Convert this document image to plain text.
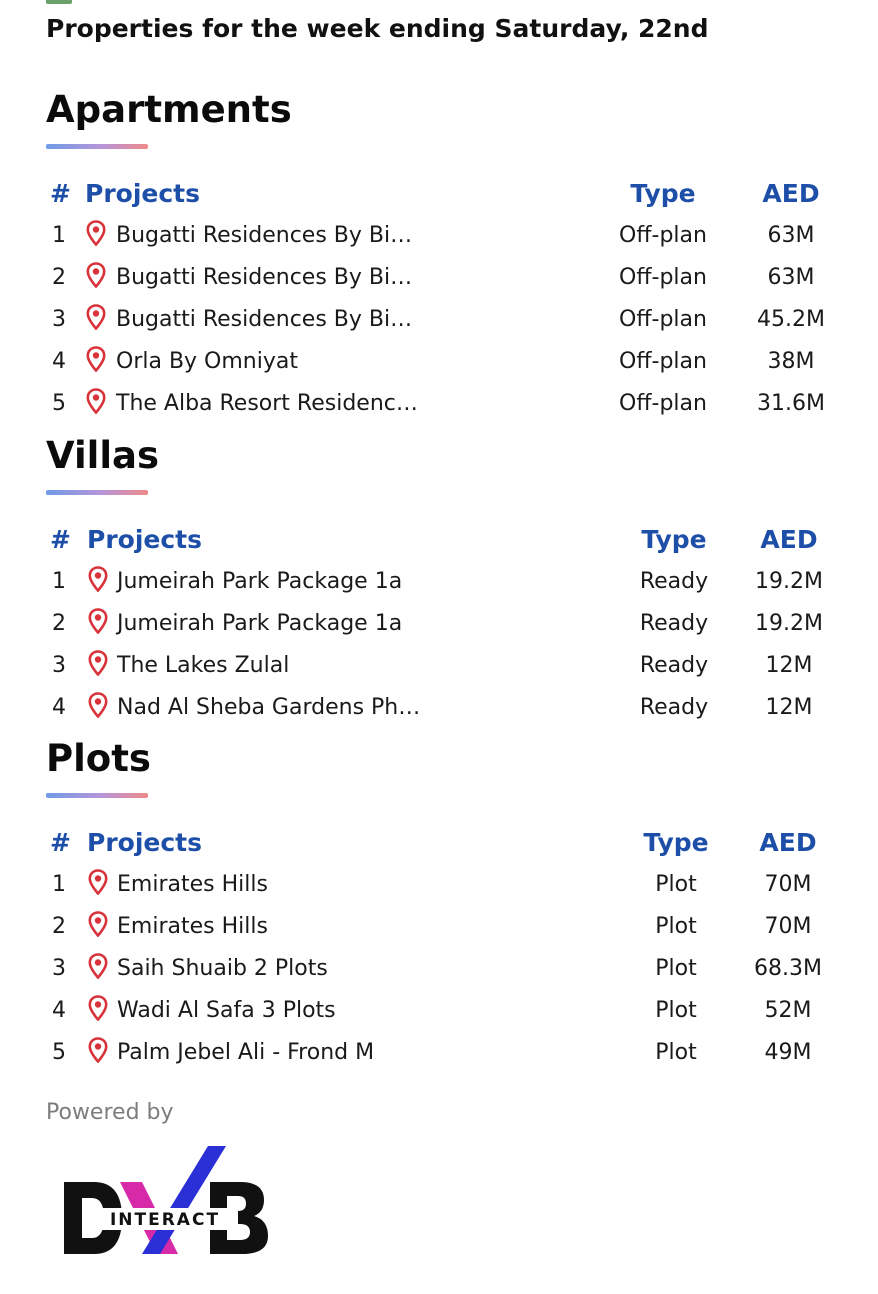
Properties for the week ending Saturday, 22nd
Apartments
# Projects	Type	AED
1 Bugatti Residences By Bi…	Off-plan	63M
2 Bugatti Residences By Bi…	Off-plan	63M
3 Bugatti Residences By Bi…	Off-plan 45.2M
4 Orla By Omniyat	Off-plan	38M
5 The Alba Resort Residenc…	Off-plan 31.6M
Villas
# Projects	Type AED
1 Jumeirah Park Package 1a	Ready 19.2M
2 Jumeirah Park Package 1a	Ready 19.2M
3 The Lakes Zulal	Ready	12M
4 Nad Al Sheba Gardens Ph…	Ready	12M
Plots
# Projects	Type AED
1 Emirates Hills	Plot	70M
2 Emirates Hills	Plot	70M
3 Saih Shuaib 2 Plots	Plot	68.3M
4 Wadi Al Safa 3 Plots	Plot	52M
5 Palm Jebel Ali - Frond M	Plot	49M
Powered by
INTERACT
